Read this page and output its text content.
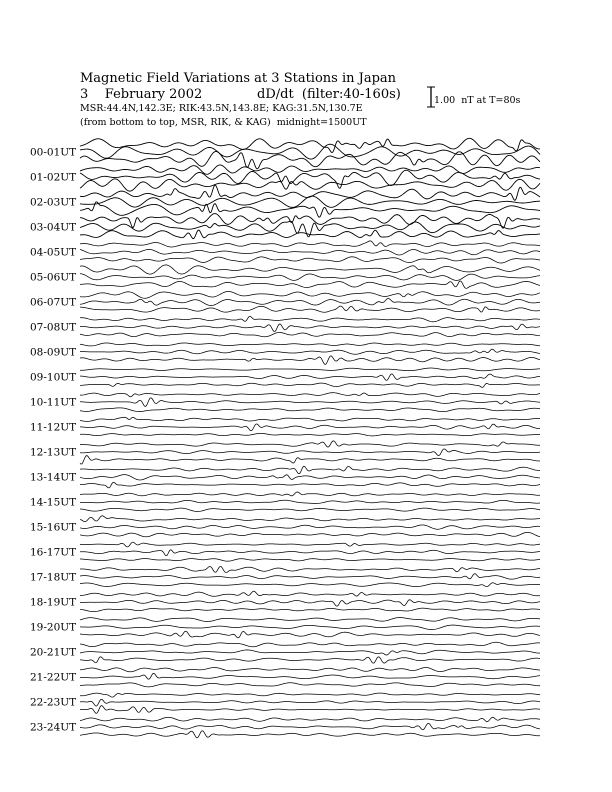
Magnetic Field Variations at 3 Stations in Japan
3    February 2002	dD/dt  (filter:40-160s)
MSR:44.4N,142.3E; RIK:43.5N,143.8E; KAG:31.5N,130.7E
(from bottom to top, MSR, RIK, & KAG)  midnight=1500UT
1.00  nT at T=80s
00-01UT
01-02UT
02-03UT
03-04UT
04-05UT
05-06UT
06-07UT
07-08UT
08-09UT
09-10UT
10-11UT
11-12UT
12-13UT
13-14UT
14-15UT
15-16UT
16-17UT
17-18UT
18-19UT
19-20UT
20-21UT
21-22UT
22-23UT
23-24UT
